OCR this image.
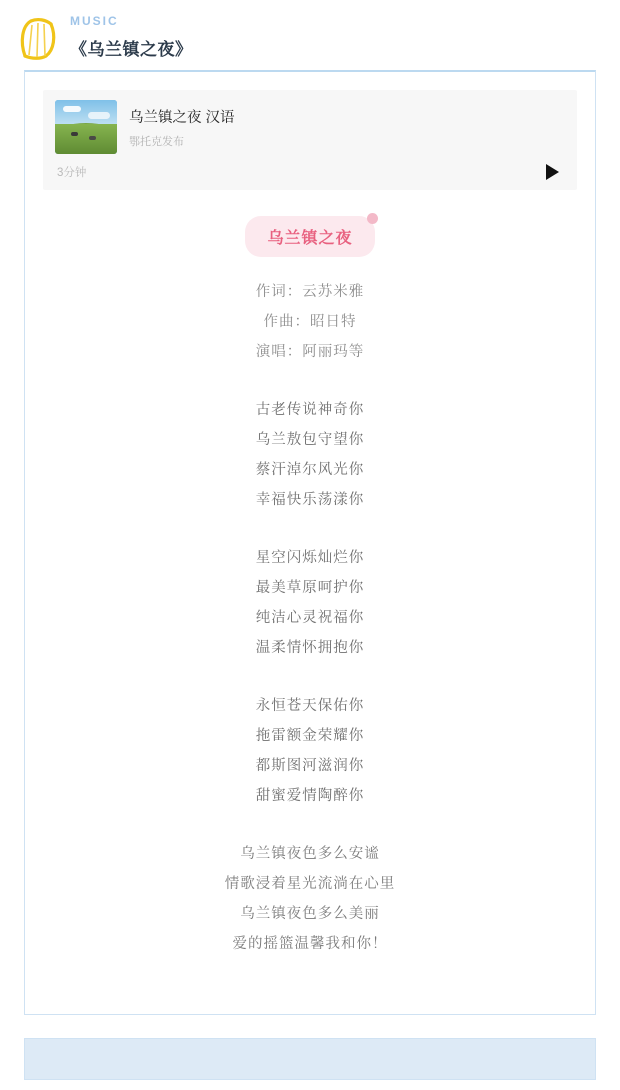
MUSIC
《乌兰镇之夜》
乌兰镇之夜 汉语
鄂托克发布
3分钟
乌兰镇之夜
作词：云苏米雅
作曲：昭日特
演唱：阿丽玛等
古老传说神奇你
乌兰敖包守望你
蔡汗淖尔风光你
幸福快乐荡漾你
星空闪烁灿烂你
最美草原呵护你
纯洁心灵祝福你
温柔情怀拥抱你
永恒苍天保佑你
拖雷额金荣耀你
都斯图河滋润你
甜蜜爱情陶醉你
乌兰镇夜色多么安谧
情歌浸着星光流淌在心里
乌兰镇夜色多么美丽
爱的摇篮温馨我和你！
